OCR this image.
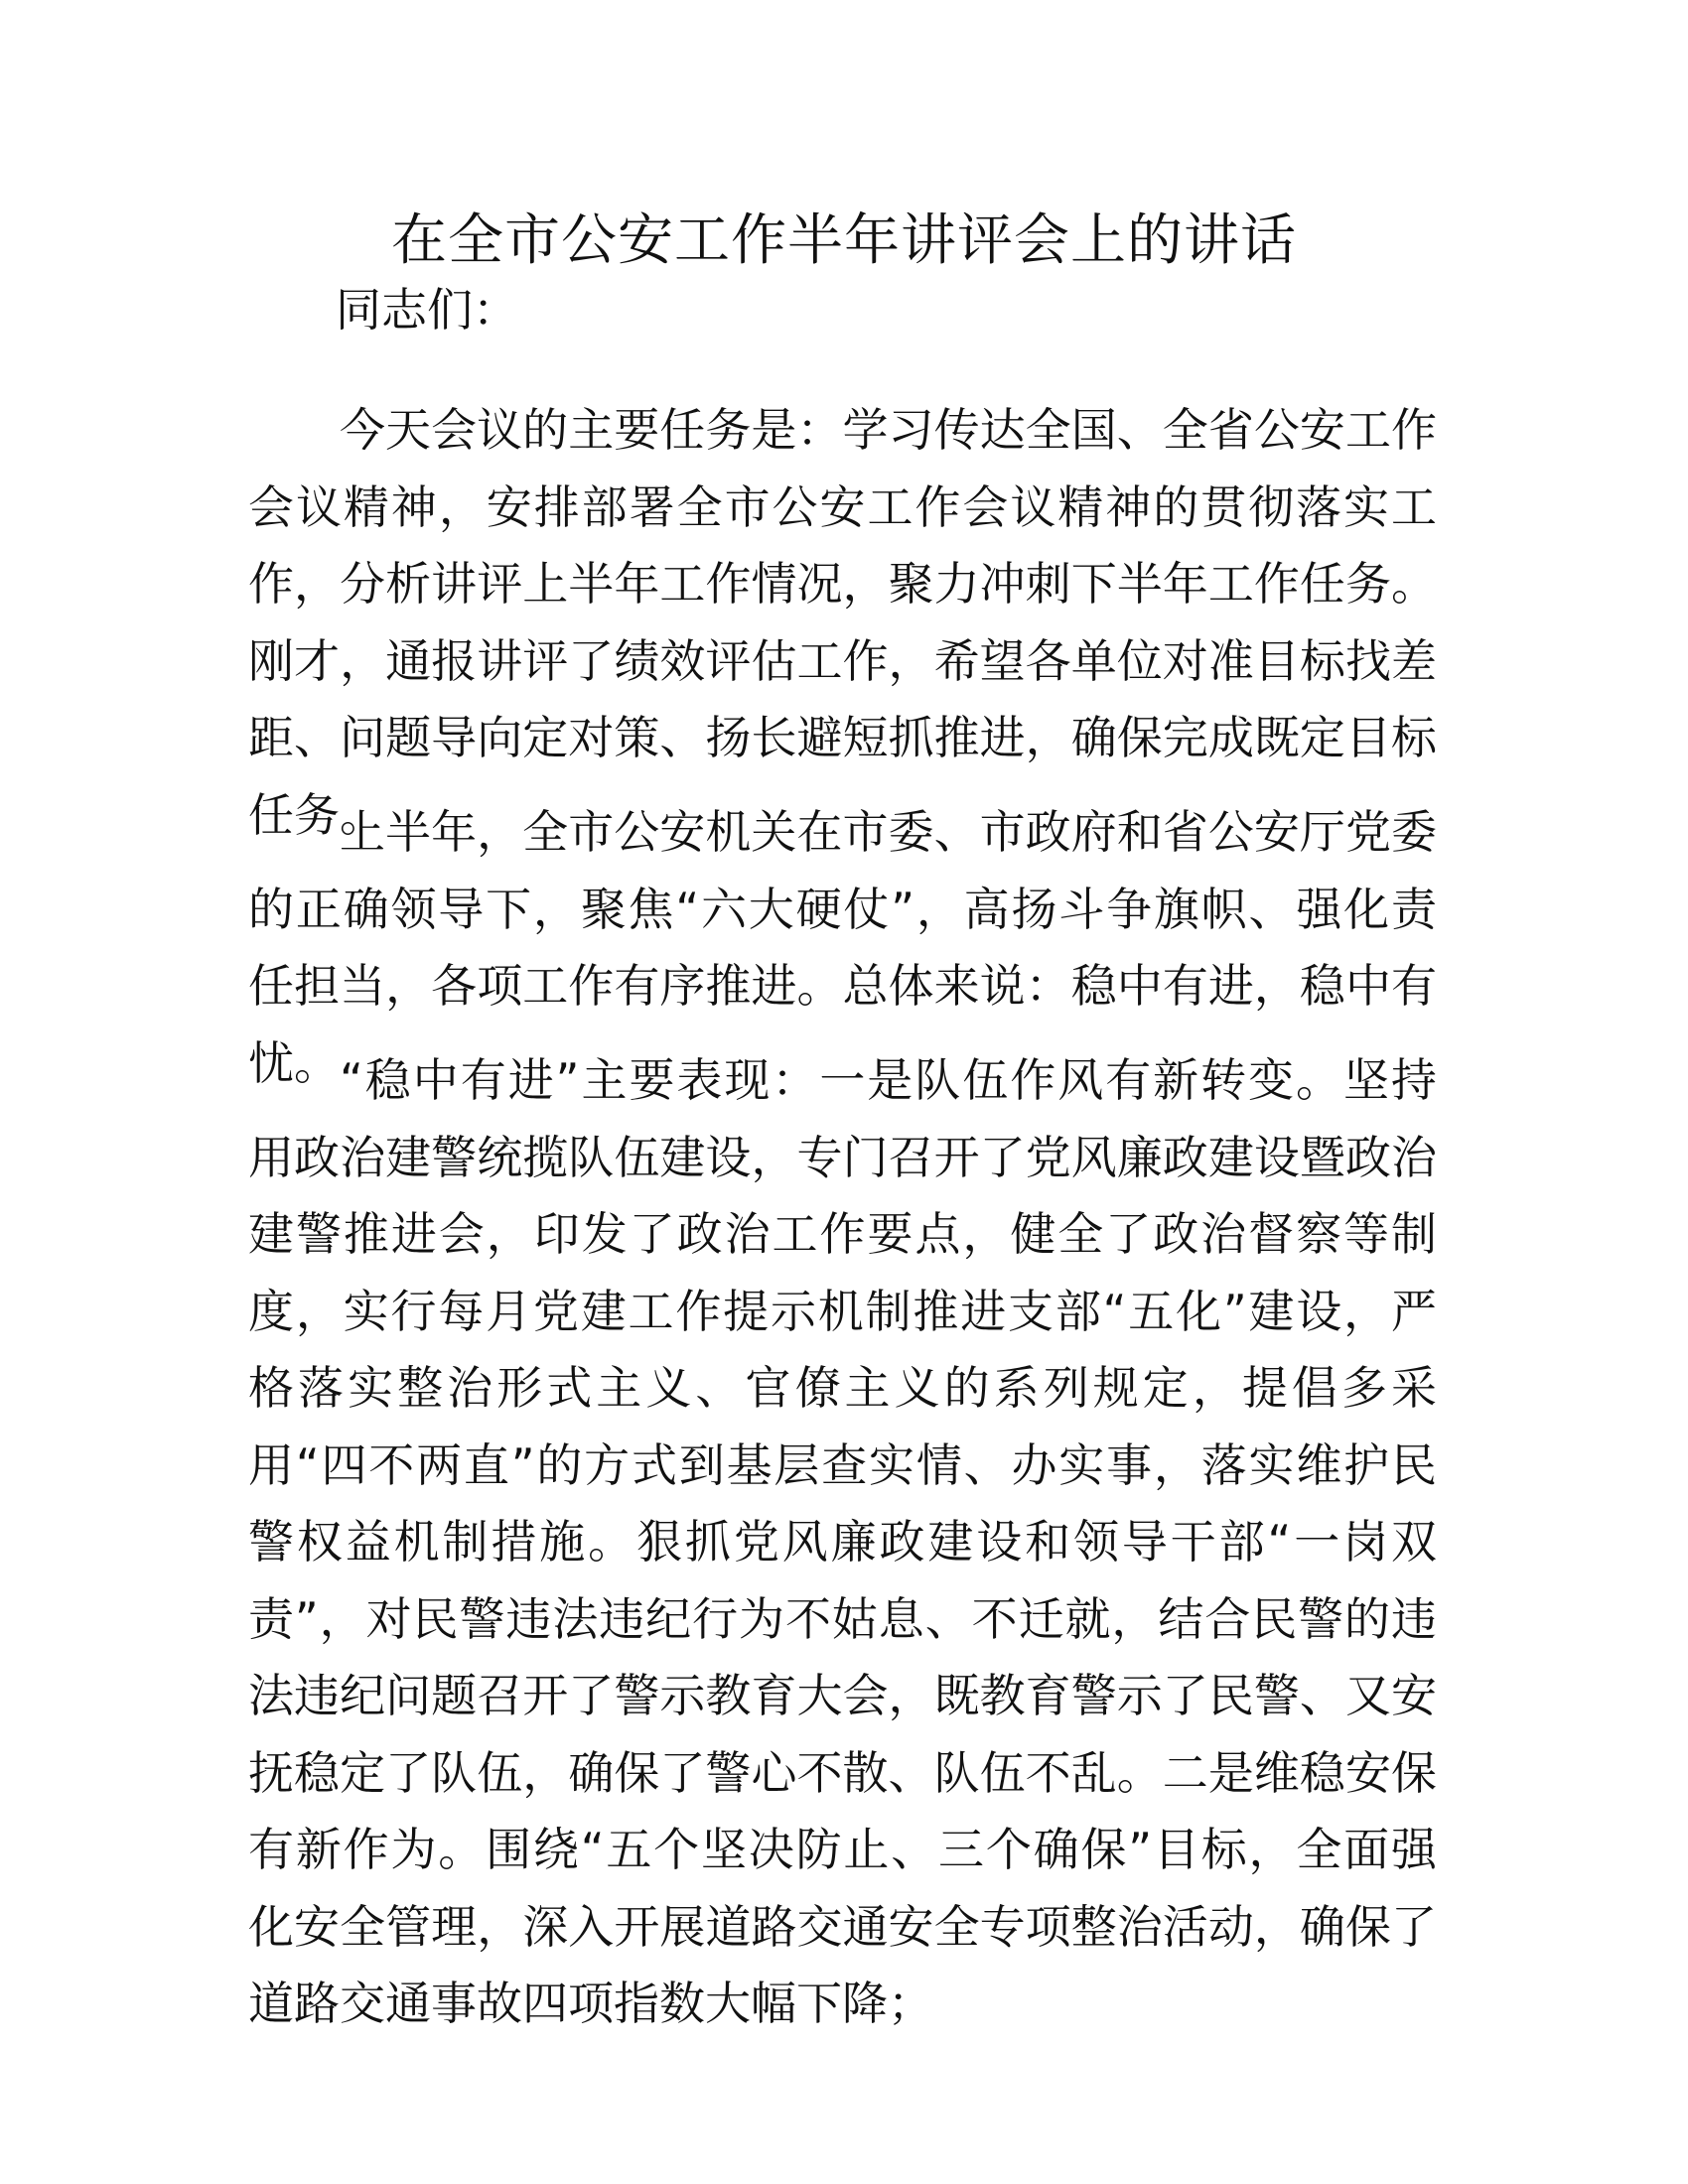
在全市公安工作半年讲评会上的讲话

同志们：

今天会议的主要任务是：学习传达全国、全省公安工作会议精神，安排部署全市公安工作会议精神的贯彻落实工作，分析讲评上半年工作情况，聚力冲刺下半年工作任务。刚才，通报讲评了绩效评估工作，希望各单位对准目标找差距、问题导向定对策、扬长避短抓推进，确保完成既定目标任务。

上半年，全市公安机关在市委、市政府和省公安厅党委的正确领导下，聚焦“六大硬仗”，高扬斗争旗帜、强化责任担当，各项工作有序推进。总体来说：稳中有进，稳中有忧。 “稳中有进”主要表现：一是队伍作风有新转变。坚持用政治建警统揽队伍建设，专门召开了党风廉政建设暨政治建警推进会，印发了政治工作要点，健全了政治督察等制度，实行每月党建工作提示机制推进支部“五化”建设，严格落实整治形式主义、官僚主义的系列规定，提倡多采用“四不两直”的方式到基层查实情、办实事，落实维护民警权益机制措施。狠抓党风廉政建设和领导干部“一岗双责”，对民警违法违纪行为不姑息、不迁就，结合民警的违法违纪问题召开了警示教育大会，既教育警示了民警、又安抚稳定了队伍，确保了警心不散、队伍不乱。二是维稳安保有新作为。围绕“五个坚决防止、三个确保”目标，全面强化安全管理，深入开展道路交通安全专项整治活动，确保了道路交通事故四项指数大幅下降；
